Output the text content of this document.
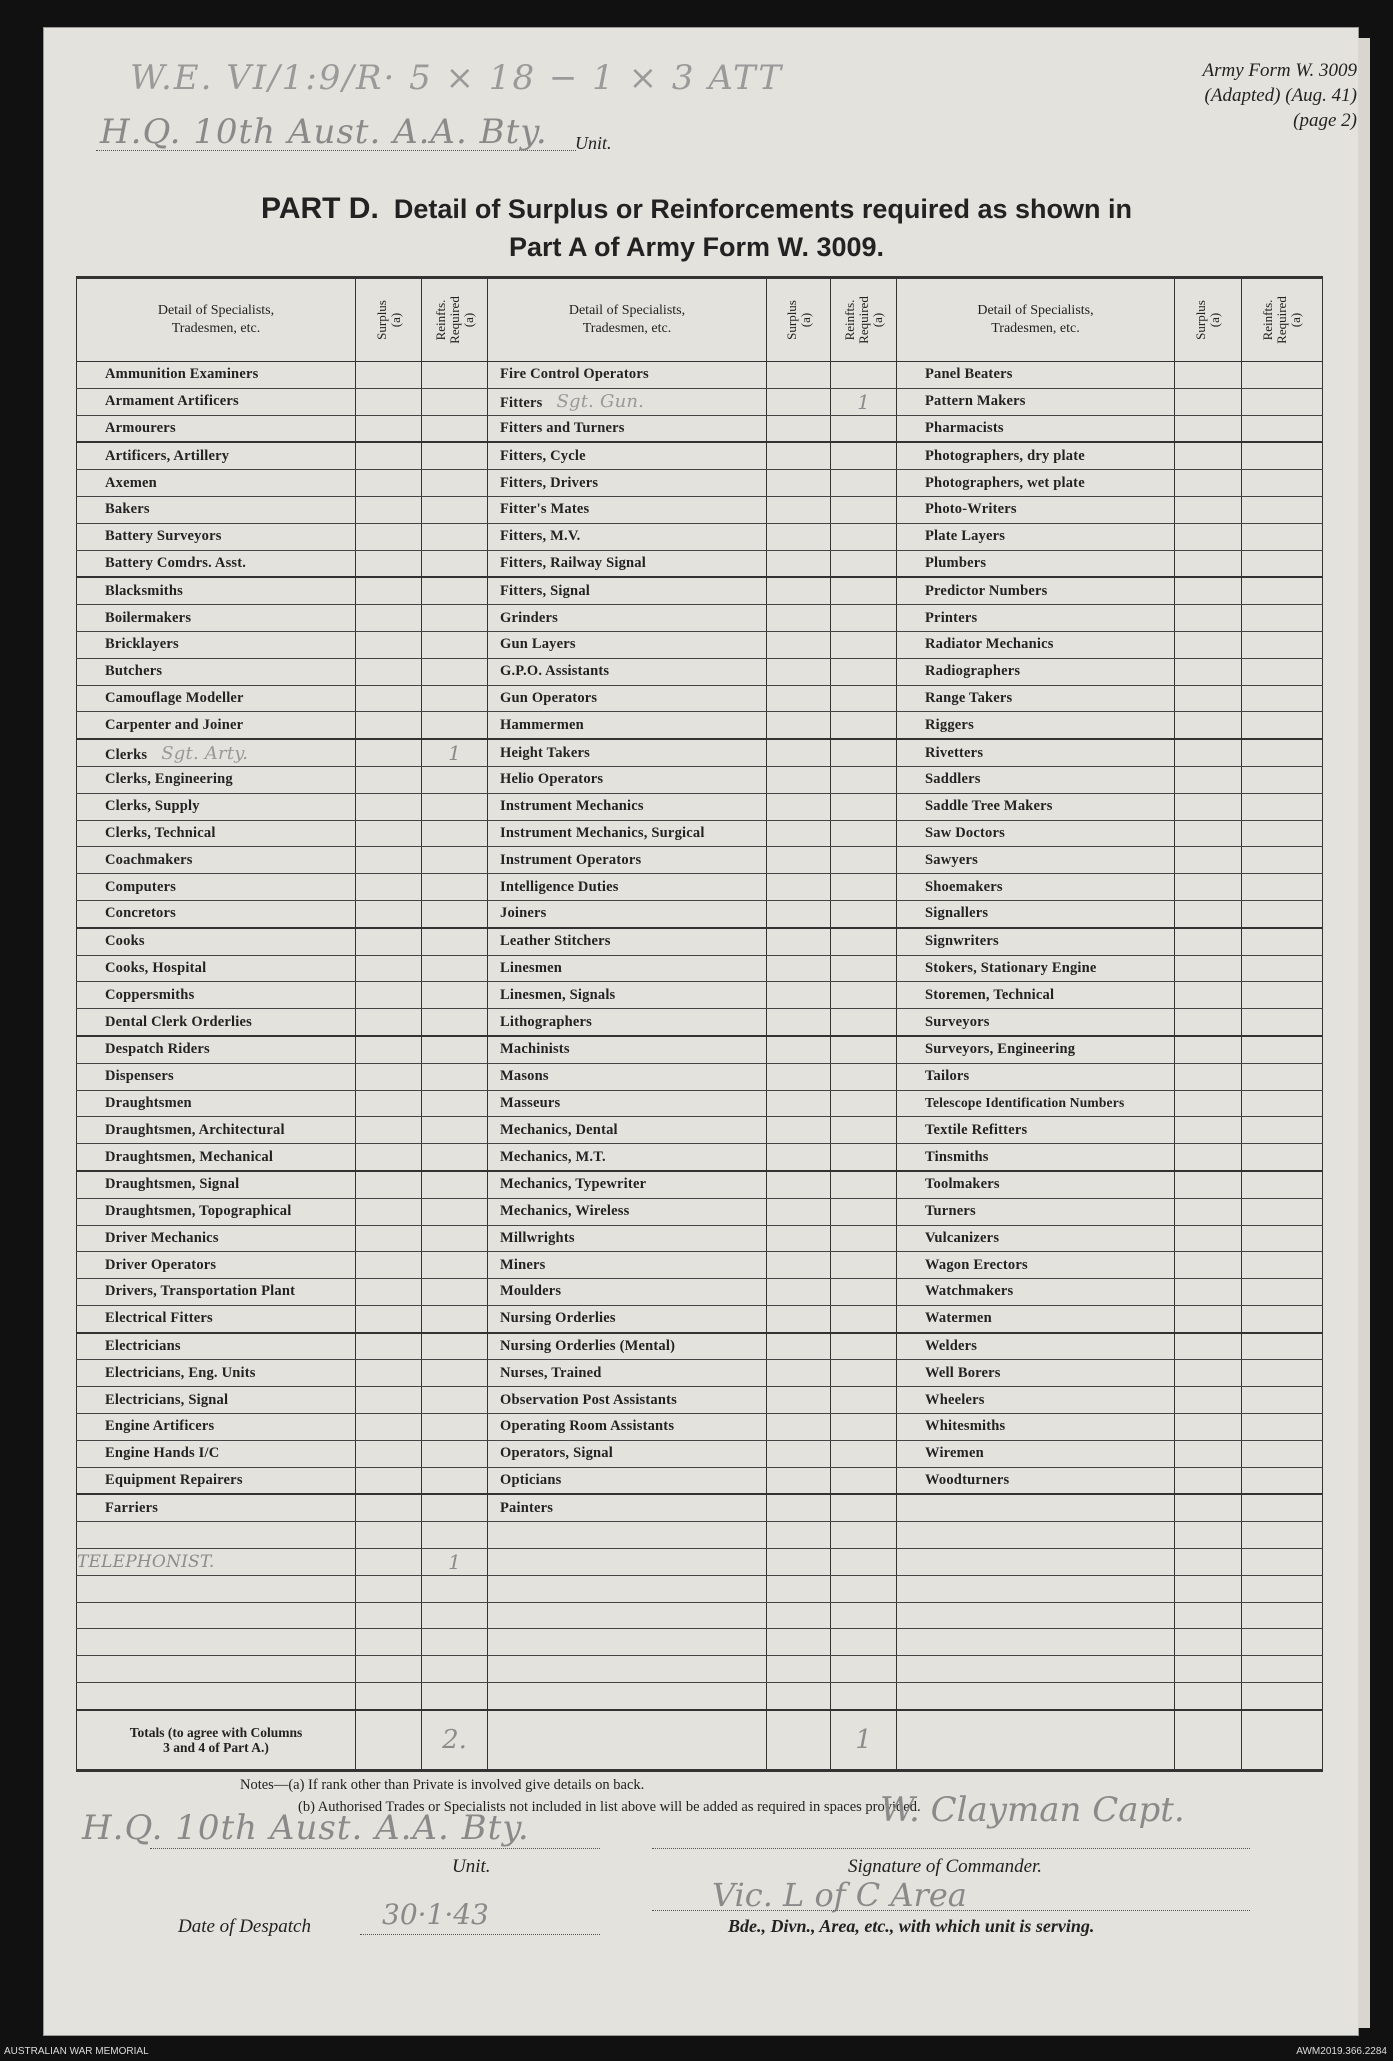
W.E. VI/1:9/R· 5 × 18 − 1 × 3 ATT	Army Form W. 3009
(Adapted) (Aug. 41)
(page 2)
H.Q. 10th Aust. A.A. Bty. Unit.
PART D. Detail of Surplus or Reinforcements required as shown in
Part A of Army Form W. 3009.
Detail of Specialists,
Tradesmen, etc.	Surplus
(a)	Reinfts.
Required
(a)	Detail of Specialists,
Tradesmen, etc.	Surplus
(a)	Reinfts.
Required
(a)	Detail of Specialists,
Tradesmen, etc.	Surplus
(a)	Reinfts.
Required
(a)

Ammunition Examiners			Fire Control Operators			Panel Beaters		
Armament Artificers			Fitters Sgt. Gun.		1	Pattern Makers		
Armourers			Fitters and Turners			Pharmacists		
Artificers, Artillery			Fitters, Cycle			Photographers, dry plate		
Axemen			Fitters, Drivers			Photographers, wet plate		
Bakers			Fitter's Mates			Photo-Writers		
Battery Surveyors			Fitters, M.V.			Plate Layers		
Battery Comdrs. Asst.			Fitters, Railway Signal			Plumbers		
Blacksmiths			Fitters, Signal			Predictor Numbers		
Boilermakers			Grinders			Printers		
Bricklayers			Gun Layers			Radiator Mechanics		
Butchers			G.P.O. Assistants			Radiographers		
Camouflage Modeller			Gun Operators			Range Takers		
Carpenter and Joiner			Hammermen			Riggers		
Clerks Sgt. Arty.		1	Height Takers			Rivetters		
Clerks, Engineering			Helio Operators			Saddlers		
Clerks, Supply			Instrument Mechanics			Saddle Tree Makers		
Clerks, Technical			Instrument Mechanics, Surgical			Saw Doctors		
Coachmakers			Instrument Operators			Sawyers		
Computers			Intelligence Duties			Shoemakers		
Concretors			Joiners			Signallers		
Cooks			Leather Stitchers			Signwriters		
Cooks, Hospital			Linesmen			Stokers, Stationary Engine		
Coppersmiths			Linesmen, Signals			Storemen, Technical		
Dental Clerk Orderlies			Lithographers			Surveyors		
Despatch Riders			Machinists			Surveyors, Engineering		
Dispensers			Masons			Tailors		
Draughtsmen			Masseurs			Telescope Identification Numbers		
Draughtsmen, Architectural			Mechanics, Dental			Textile Refitters		
Draughtsmen, Mechanical			Mechanics, M.T.			Tinsmiths		
Draughtsmen, Signal			Mechanics, Typewriter			Toolmakers		
Draughtsmen, Topographical			Mechanics, Wireless			Turners		
Driver Mechanics			Millwrights			Vulcanizers		
Driver Operators			Miners			Wagon Erectors		
Drivers, Transportation Plant			Moulders			Watchmakers		
Electrical Fitters			Nursing Orderlies			Watermen		
Electricians			Nursing Orderlies (Mental)			Welders		
Electricians, Eng. Units			Nurses, Trained			Well Borers		
Electricians, Signal			Observation Post Assistants			Wheelers		
Engine Artificers			Operating Room Assistants			Whitesmiths		
Engine Hands I/C			Operators, Signal			Wiremen		
Equipment Repairers			Opticians			Woodturners		
Farriers			Painters					

TELEPHONIST.		1						

Totals (to agree with Columns
3 and 4 of Part A.)		2.			1			
Notes—(a) If rank other than Private is involved give details on back.
(b) Authorised Trades or Specialists not included in list above will be added as required in spaces provided.
H.Q. 10th Aust. A.A. Bty.
Unit.
W. Clayman Capt.
Signature of Commander.
Date of Despatch	30·1·43
Vic. L of C Area
Bde., Divn., Area, etc., with which unit is serving.
AUSTRALIAN WAR MEMORIAL	AWM2019.366.2284
